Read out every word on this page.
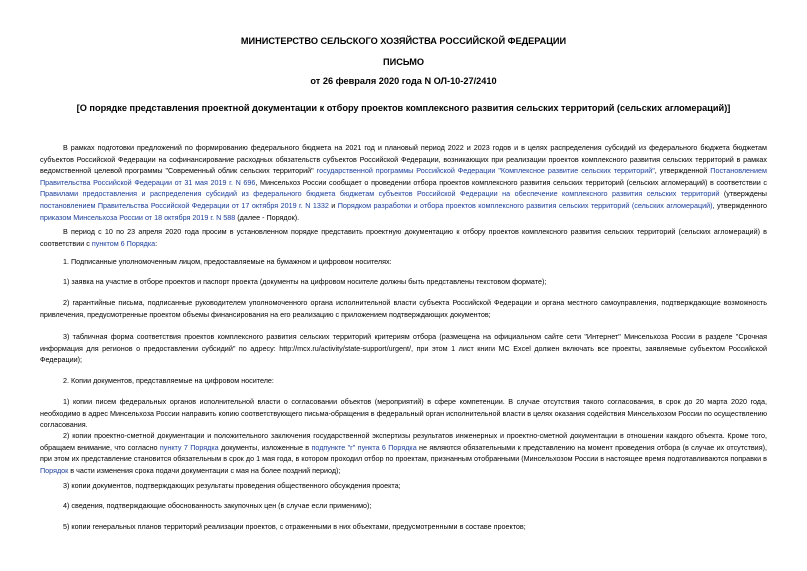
МИНИСТЕРСТВО СЕЛЬСКОГО ХОЗЯЙСТВА РОССИЙСКОЙ ФЕДЕРАЦИИ
ПИСЬМО
от 26 февраля 2020 года N ОЛ-10-27/2410
[О порядке представления проектной документации к отбору проектов комплексного развития сельских территорий (сельских агломераций)]
В рамках подготовки предложений по формированию федерального бюджета на 2021 год и плановый период 2022 и 2023 годов и в целях распределения субсидий из федерального бюджета бюджетам субъектов Российской Федерации на софинансирование расходных обязательств субъектов Российской Федерации, возникающих при реализации проектов комплексного развития сельских территорий в рамках ведомственной целевой программы "Современный облик сельских территорий" государственной программы Российской Федерации "Комплексное развитие сельских территорий", утвержденной Постановлением Правительства Российской Федерации от 31 мая 2019 г. N 696, Минсельхоз России сообщает о проведении отбора проектов комплексного развития сельских территорий (сельских агломераций) в соответствии с Правилами предоставления и распределения субсидий из федерального бюджета бюджетам субъектов Российской Федерации на обеспечение комплексного развития сельских территорий (утверждены постановлением Правительства Российской Федерации от 17 октября 2019 г. N 1332 и Порядком разработки и отбора проектов комплексного развития сельских территорий (сельских агломераций), утвержденного приказом Минсельхоза России от 18 октября 2019 г. N 588 (далее - Порядок).
В период с 10 по 23 апреля 2020 года просим в установленном порядке представить проектную документацию к отбору проектов комплексного развития сельских территорий (сельских агломераций) в соответствии с пунктом 6 Порядка:
1. Подписанные уполномоченным лицом, предоставляемые на бумажном и цифровом носителях:
1) заявка на участие в отборе проектов и паспорт проекта (документы на цифровом носителе должны быть представлены текстовом формате);
2) гарантийные письма, подписанные руководителем уполномоченного органа исполнительной власти субъекта Российской Федерации и органа местного самоуправления, подтверждающие возможность привлечения, предусмотренные проектом объемы финансирования на его реализацию с приложением подтверждающих документов;
3) табличная форма соответствия проектов комплексного развития сельских территорий критериям отбора (размещена на официальном сайте сети "Интернет" Минсельхоза России в разделе "Срочная информация для регионов о предоставлении субсидий" по адресу: http://mcx.ru/activity/state-support/urgent/, при этом 1 лист книги MC Excel должен включать все проекты, заявляемые субъектом Российской Федерации);
2. Копии документов, представляемые на цифровом носителе:
1) копии писем федеральных органов исполнительной власти о согласовании объектов (мероприятий) в сфере компетенции. В случае отсутствия такого согласования, в срок до 20 марта 2020 года, необходимо в адрес Минсельхоза России направить копию соответствующего письма-обращения в федеральный орган исполнительной власти в целях оказания содействия Минсельхозом России по осуществлению согласования.
2) копии проектно-сметной документации и положительного заключения государственной экспертизы результатов инженерных и проектно-сметной документации в отношении каждого объекта. Кроме того, обращаем внимание, что согласно пункту 7 Порядка документы, изложенные в подпункте "г" пункта 6 Порядка не являются обязательными к представлению на момент проведения отбора (в случае их отсутствия), при этом их представление становится обязательным в срок до 1 мая года, в котором проходил отбор по проектам, признанным отобранными (Минсельхозом России в настоящее время подготавливаются поправки в Порядок в части изменения срока подачи документации с мая на более поздний период);
3) копии документов, подтверждающих результаты проведения общественного обсуждения проекта;
4) сведения, подтверждающие обоснованность закупочных цен (в случае если применимо);
5) копии генеральных планов территорий реализации проектов, с отраженными в них объектами, предусмотренными в составе проектов;
